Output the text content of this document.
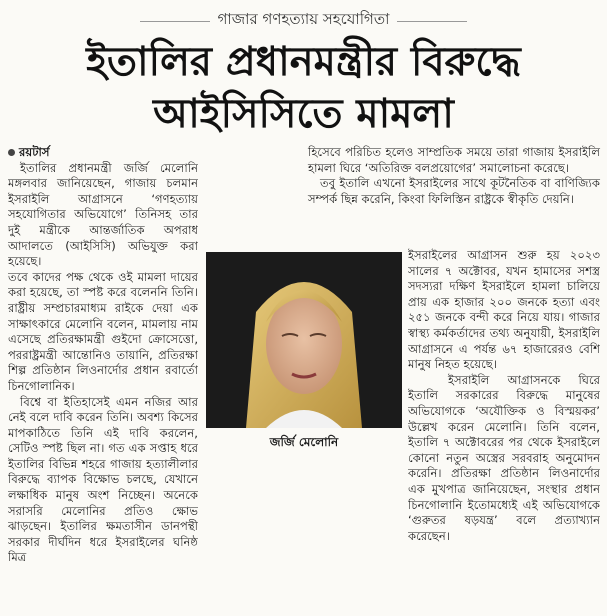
গাজার গণহত্যায় সহযোগিতা
ইতালির প্রধানমন্ত্রীর বিরুদ্ধে
আইসিসিতে মামলা

রয়টার্স

ইতালির প্রধানমন্ত্রী জর্জি মেলোনি মঙ্গলবার জানিয়েছেন, গাজায় চলমান ইসরাইলি আগ্রাসনে ‘গণহত্যায় সহযোগিতার অভিযোগে’ তিনিসহ তার দুই মন্ত্রীকে আন্তর্জাতিক অপরাধ আদালতে (আইসিসি) অভিযুক্ত করা হয়েছে।

তবে কাদের পক্ষ থেকে ওই মামলা দায়ের করা হয়েছে, তা স্পষ্ট করে বলেননি তিনি। রাষ্ট্রীয় সম্প্রচারমাধ্যম রাইকে দেয়া এক সাক্ষাৎকারে মেলোনি বলেন, মামলায় নাম এসেছে প্রতিরক্ষামন্ত্রী গুইদো ক্রোসেত্তো, পররাষ্ট্রমন্ত্রী আন্তোনিও তায়ানি, প্রতিরক্ষা শিল্প প্রতিষ্ঠান লিওনার্দোর প্রধান রবার্তো চিনগোলানিক।

বিশ্বে বা ইতিহাসেই এমন নজির আর নেই বলে দাবি করেন তিনি। অবশ্য কিসের মাপকাঠিতে তিনি এই দাবি করলেন, সেটিও স্পষ্ট ছিল না। গত এক সপ্তাহ ধরে ইতালির বিভিন্ন শহরে গাজায় হত্যালীলার বিরুদ্ধে ব্যাপক বিক্ষোভ চলছে, যেখানে লক্ষাধিক মানুষ অংশ নিচ্ছেন। অনেকে সরাসরি মেলোনির প্রতিও ক্ষোভ ঝাড়ছেন। ইতালির ক্ষমতাসীন ডানপন্থী সরকার দীর্ঘদিন ধরে ইসরাইলের ঘনিষ্ঠ মিত্র

হিসেবে পরিচিত হলেও সাম্প্রতিক সময়ে তারা গাজায় ইসরাইলি হামলা ঘিরে ‘অতিরিক্ত বলপ্রয়োগের’ সমালোচনা করেছে।

তবু ইতালি এখনো ইসরাইলের সাথে কূটনৈতিক বা বাণিজ্যিক সম্পর্ক ছিন্ন করেনি, কিংবা ফিলিস্তিন রাষ্ট্রকে স্বীকৃতি দেয়নি।

জর্জি মেলোনি

ইসরাইলের আগ্রাসন শুরু হয় ২০২৩ সালের ৭ অক্টোবর, যখন হামাসের সশস্ত্র সদস্যরা দক্ষিণ ইসরাইলে হামলা চালিয়ে প্রায় এক হাজার ২০০ জনকে হত্যা এবং ২৫১ জনকে বন্দী করে নিয়ে যায়। গাজার স্বাস্থ্য কর্মকর্তাদের তথ্য অনুযায়ী, ইসরাইলি আগ্রাসনে এ পর্যন্ত ৬৭ হাজারেরও বেশি মানুষ নিহত হয়েছে।

ইসরাইলি আগ্রাসনকে ঘিরে ইতালি সরকারের বিরুদ্ধে মানুষের অভিযোগকে ‘অযৌক্তিক ও বিস্ময়কর’ উল্লেখ করেন মেলোনি। তিনি বলেন, ইতালি ৭ অক্টোবরের পর থেকে ইসরাইলে কোনো নতুন অস্ত্রের সরবরাহ অনুমোদন করেনি। প্রতিরক্ষা প্রতিষ্ঠান লিওনার্দোর এক মুখপাত্র জানিয়েছেন, সংস্থার প্রধান চিনগোলানি ইতোমধ্যেই এই অভিযোগকে ‘গুরুতর ষড়যন্ত্র’ বলে প্রত্যাখ্যান করেছেন।
